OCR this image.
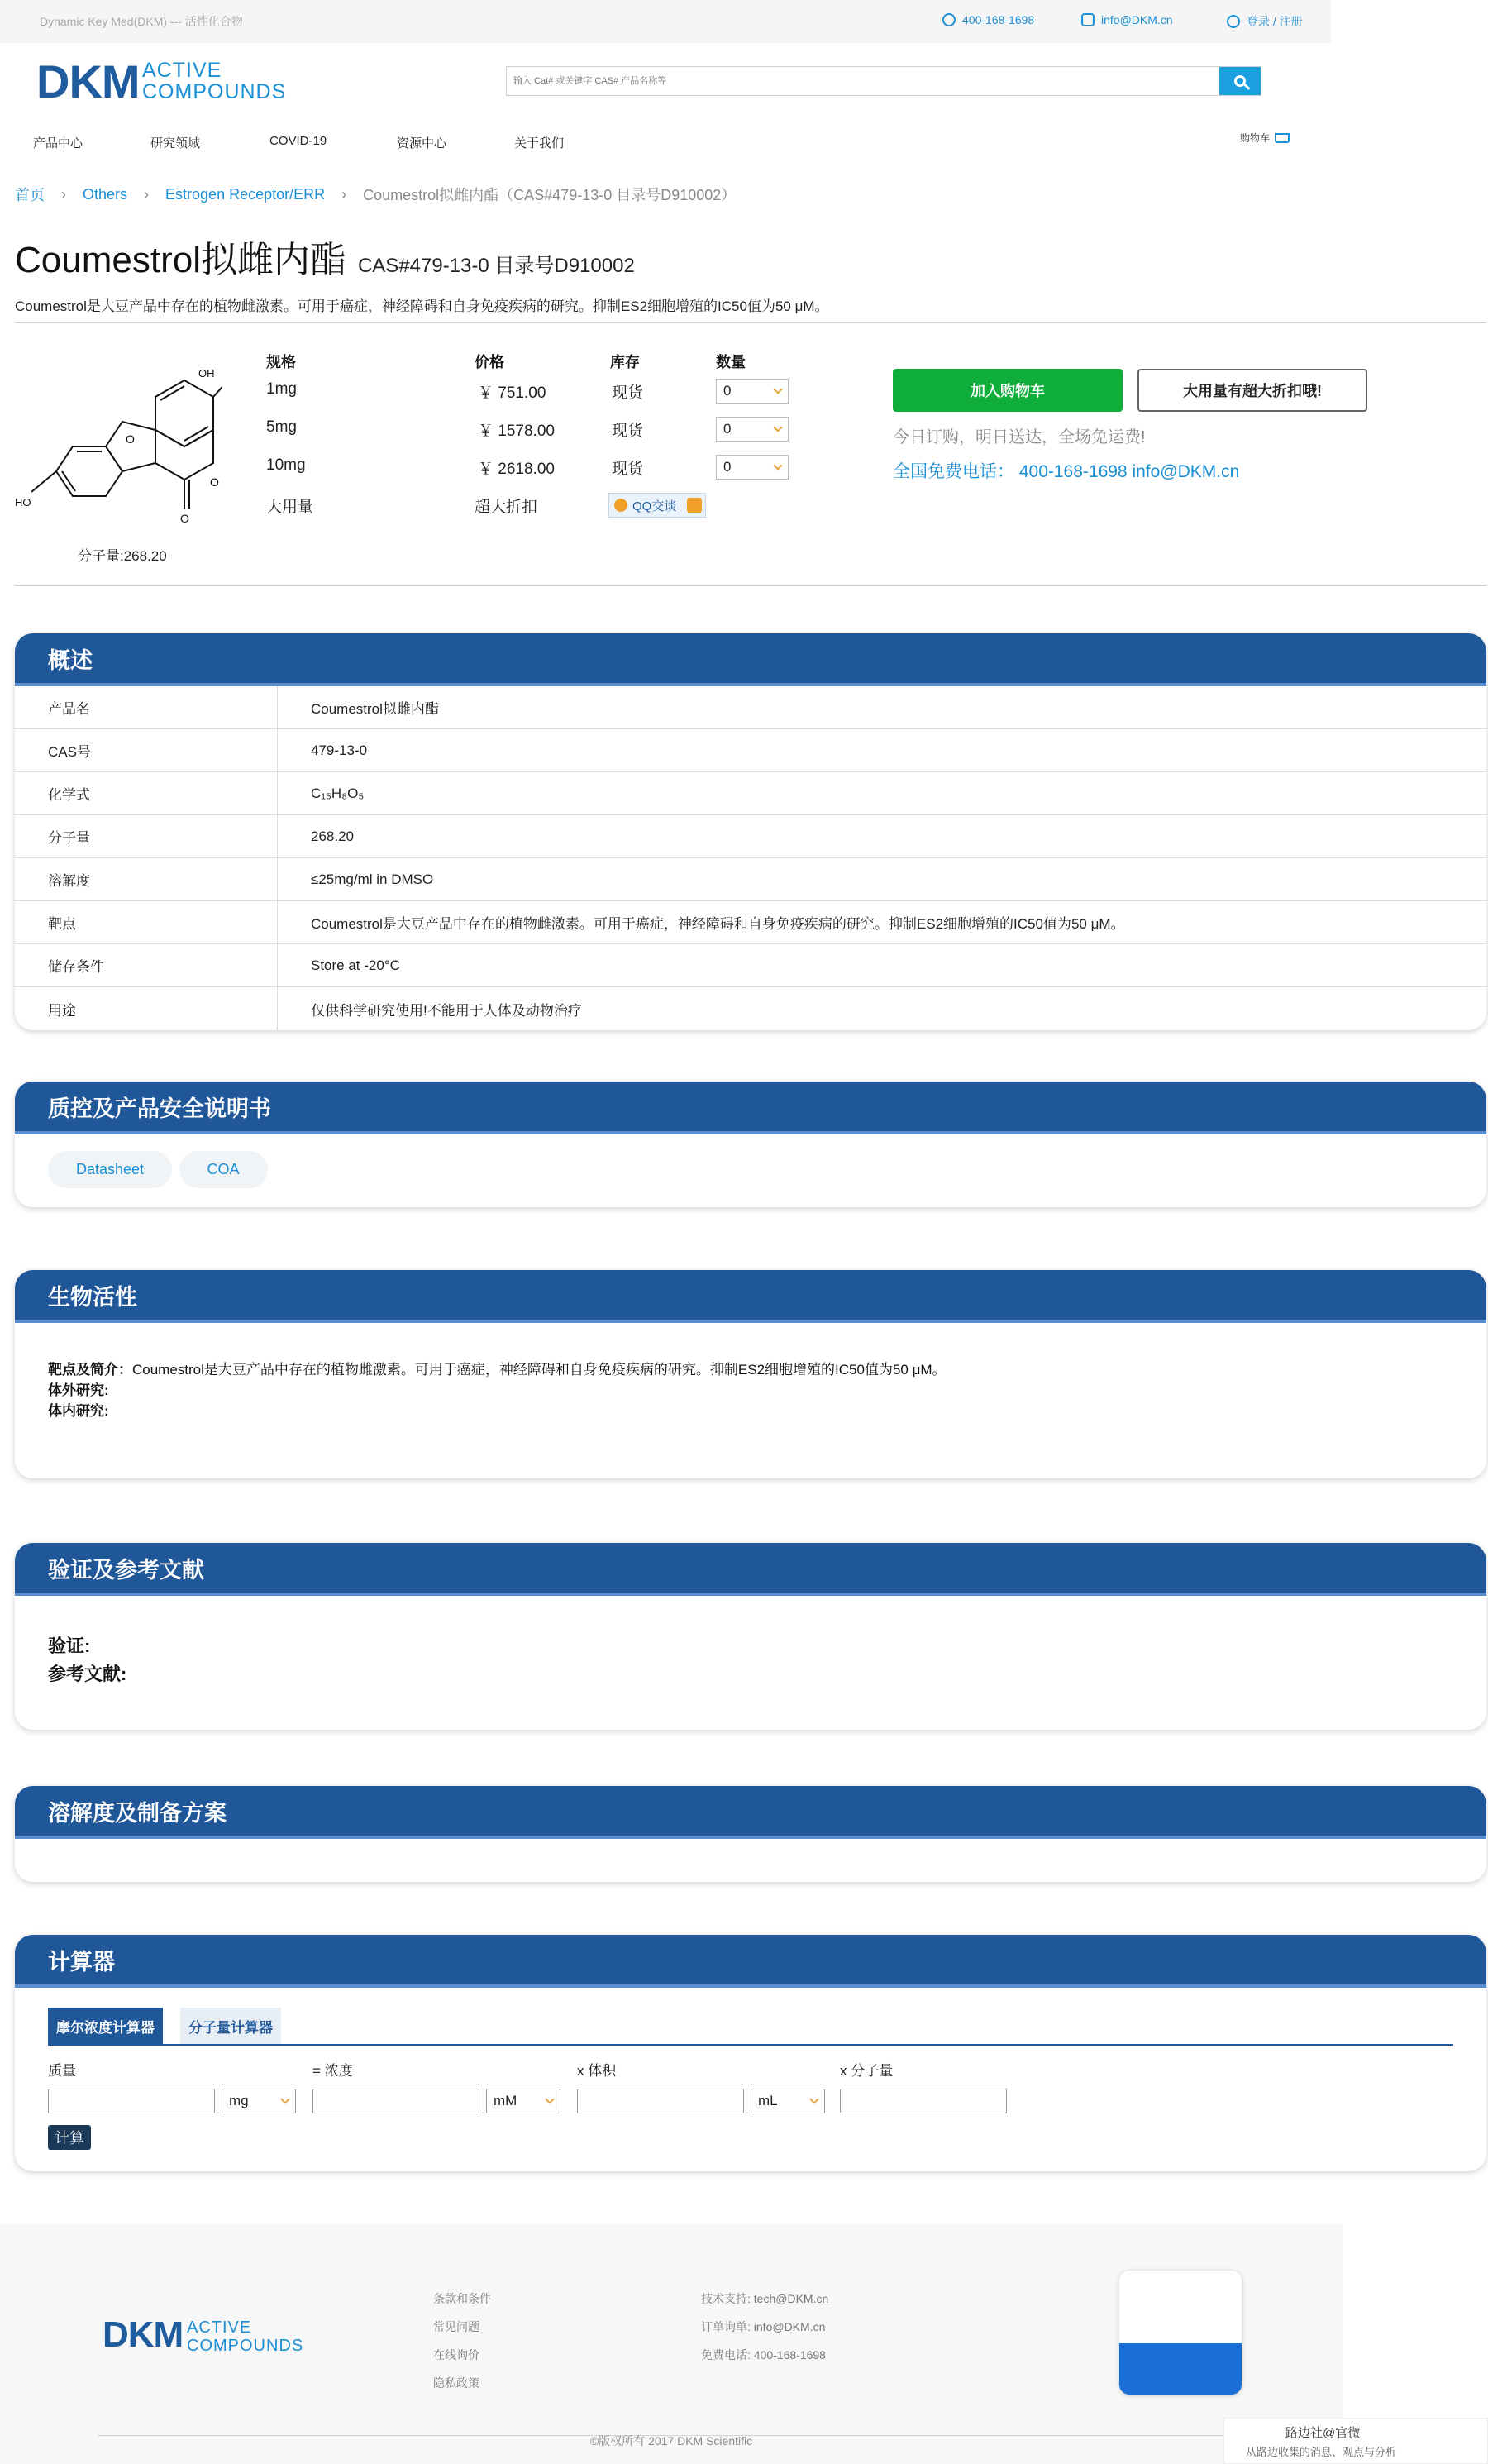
Dynamic Key Med(DKM) --- 活性化合物	400-168-1698	info@DKM.cn	登录 / 注册
DKM ACTIVE
COMPOUNDS
输入 Cat# 或关键字 CAS# 产品名称等
产品中心	研究领域	COVID-19	资源中心	关于我们	购物车
首页 › Others › Estrogen Receptor/ERR › Coumestrol拟雌内酯（CAS#479-13-0 目录号D910002）
Coumestrol拟雌内酯 CAS#479-13-0 目录号D910002
Coumestrol是大豆产品中存在的植物雌激素。可用于癌症，神经障碍和自身免疫疾病的研究。抑制ES2细胞增殖的IC50值为50 μM。
OH
HO
O
O
O
分子量:268.20
规格	价格	库存	数量
1mg	￥ 751.00	现货	0
5mg	￥ 1578.00	现货	0
10mg	￥ 2618.00	现货	0
大用量	超大折扣	QQ交谈
加入购物车	大用量有超大折扣哦!
今日订购，明日送达，全场免运费!
全国免费电话： 400-168-1698 info@DKM.cn
概述
产品名	Coumestrol拟雌内酯
CAS号	479-13-0
化学式	C₁₅H₈O₅
分子量	268.20
溶解度	≤25mg/ml in DMSO
靶点	Coumestrol是大豆产品中存在的植物雌激素。可用于癌症，神经障碍和自身免疫疾病的研究。抑制ES2细胞增殖的IC50值为50 μM。
储存条件	Store at -20°C
用途	仅供科学研究使用!不能用于人体及动物治疗
质控及产品安全说明书
Datasheet	COA
生物活性
靶点及简介：Coumestrol是大豆产品中存在的植物雌激素。可用于癌症，神经障碍和自身免疫疾病的研究。抑制ES2细胞增殖的IC50值为50 μM。
体外研究:
体内研究:
验证及参考文献
验证:
参考文献:
溶解度及制备方案
计算器
摩尔浓度计算器	分子量计算器
质量	= 浓度	x 体积	x 分子量
mg	mM	mL
计算
DKM ACTIVE
COMPOUNDS
条款和条件
常见问题
在线询价
隐私政策
技术支持: tech@DKM.cn
订单询单: info@DKM.cn
免费电话: 400-168-1698
©版权所有 2017 DKM Scientific
路边社@官微
从路边收集的消息、观点与分析
